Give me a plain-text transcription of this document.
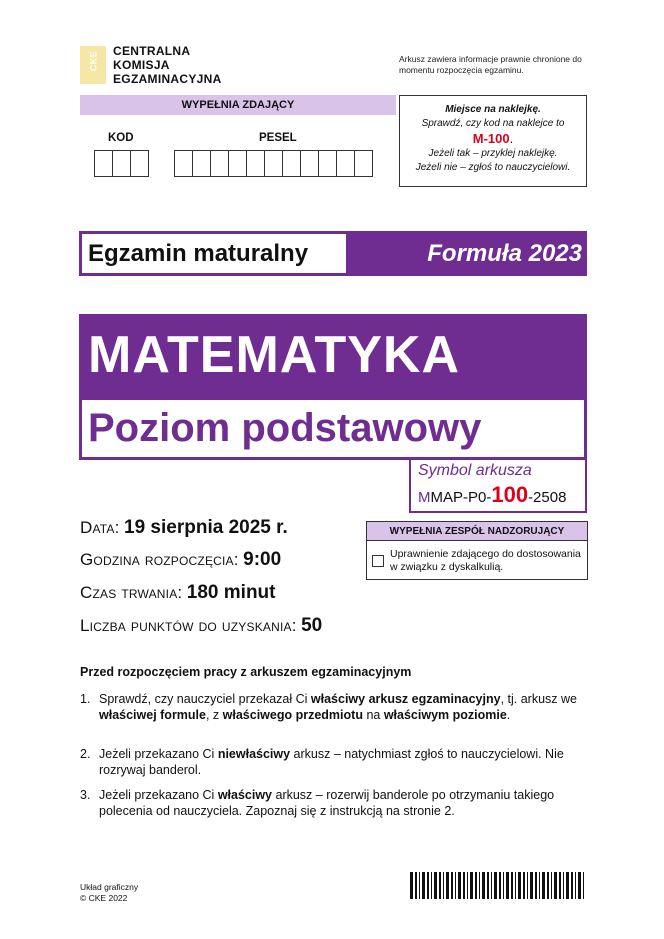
CKE CENTRALNA
KOMISJA
EGZAMINACYJNA
Arkusz zawiera informacje prawnie chronione do momentu rozpoczęcia egzaminu.
WYPEŁNIA ZDAJĄCY
KOD	PESEL
Miejsce na naklejkę.
Sprawdź, czy kod na naklejce to
M-100.
Jeżeli tak – przyklej naklejkę.
Jeżeli nie – zgłoś to nauczycielowi.
Egzamin maturalny	Formuła 2023
MATEMATYKA
Poziom podstawowy
Symbol arkusza
MMAP-P0-100-2508
Data: 19 sierpnia 2025 r.
Godzina rozpoczęcia: 9:00
Czas trwania: 180 minut
Liczba punktów do uzyskania: 50
WYPEŁNIA ZESPÓŁ NADZORUJĄCY
Uprawnienie zdającego do dostosowania w związku z dyskalkulią.
Przed rozpoczęciem pracy z arkuszem egzaminacyjnym
1. Sprawdź, czy nauczyciel przekazał Ci właściwy arkusz egzaminacyjny, tj. arkusz we właściwej formule, z właściwego przedmiotu na właściwym poziomie.
2. Jeżeli przekazano Ci niewłaściwy arkusz – natychmiast zgłoś to nauczycielowi. Nie rozrywaj banderol.
3. Jeżeli przekazano Ci właściwy arkusz – rozerwij banderole po otrzymaniu takiego polecenia od nauczyciela. Zapoznaj się z instrukcją na stronie 2.
Układ graficzny
© CKE 2022
